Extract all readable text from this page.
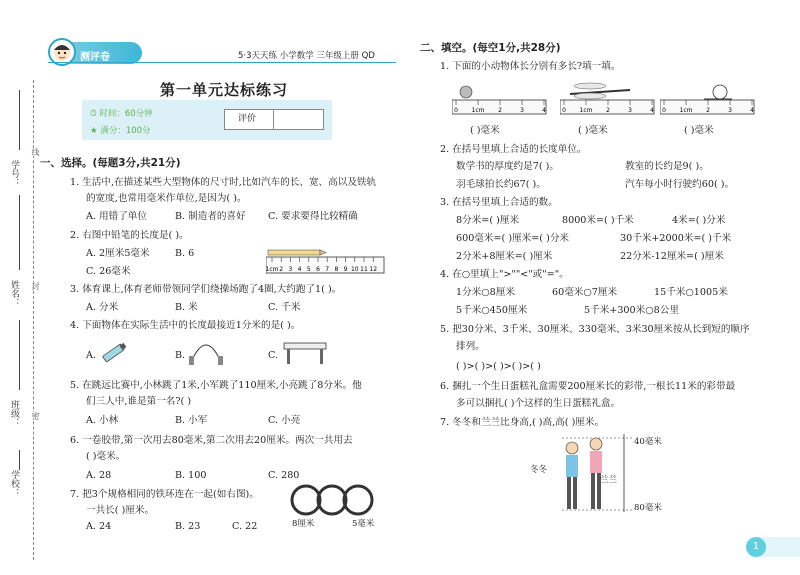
学号：
姓名：
班级：
学校：
线
封
密
测评卷	5·3天天练 小学数学 三年级上册 QD
第一单元达标练习
⏱ 时间：60分钟
★ 满分：100分
评价
一、选择。(每题3分,共21分)
1. 生活中,在描述某些大型物体的尺寸时,比如汽车的长、宽、高以及铁轨
的宽度,也常用毫米作单位,是因为( )。
A. 用错了单位	B. 制造者的喜好 C. 要求要得比较精确
2. 右图中铅笔的长度是( )。
A. 2厘米5毫米	B. 6
C. 26毫米	1cm 2 3 4 5 6 7 8 9 10 11 12
3. 体育课上,体育老师带领同学们绕操场跑了4圈,大约跑了1( )。
A. 分米	B. 米	C. 千米
4. 下面物体在实际生活中的长度最接近1分米的是( )。
A.	B.	C.
5. 在跳远比赛中,小林跳了1米,小军跳了110厘米,小亮跳了8分米。他
们三人中,谁是第一名?( )
A. 小林	B. 小军	C. 小亮
6. 一卷胶带,第一次用去80毫米,第二次用去20厘米。两次一共用去
( )毫米。
A. 28	B. 100	C. 280
7. 把3个规格相同的铁环连在一起(如右图)。
一共长( )厘米。
A. 24	B. 23	C. 22	8厘米	5毫米
二、填空。(每空1分,共28分)
1. 下面的小动物体长分别有多长?填一填。
0 1cm 2	3	4	0 1cm 2	3	4 0 1cm 2	3	4
( )毫米	( )毫米	( )毫米
2. 在括号里填上合适的长度单位。
数学书的厚度约是7( )。	教室的长约是9( )。
羽毛球拍长约67( )。	汽车每小时行驶约60( )。
3. 在括号里填上合适的数。
8分米=( )厘米	8000米=( )千米	4米=( )分米
600毫米=( )厘米=( )分米	30千米+2000米=( )千米
2分米+8厘米=( )厘米	22分米-12厘米=( )厘米
4. 在○里填上">""<"或"="。
1分米○8厘米	60毫米○7厘米	15千米○1005米
5千米○450厘米	5千米+300米○8公里
5. 把30分米、3千米、30厘米、330毫米、3米30厘米按从长到短的顺序
排列。
( )>( )>( )>( )>( )
6. 捆扎一个生日蛋糕礼盒需要200厘米长的彩带,一根长11米的彩带最
多可以捆扎( )个这样的生日蛋糕礼盒。
7. 冬冬和兰兰比身高,( )高,高( )厘米。
40毫米
80毫米
冬冬
兰兰
1
